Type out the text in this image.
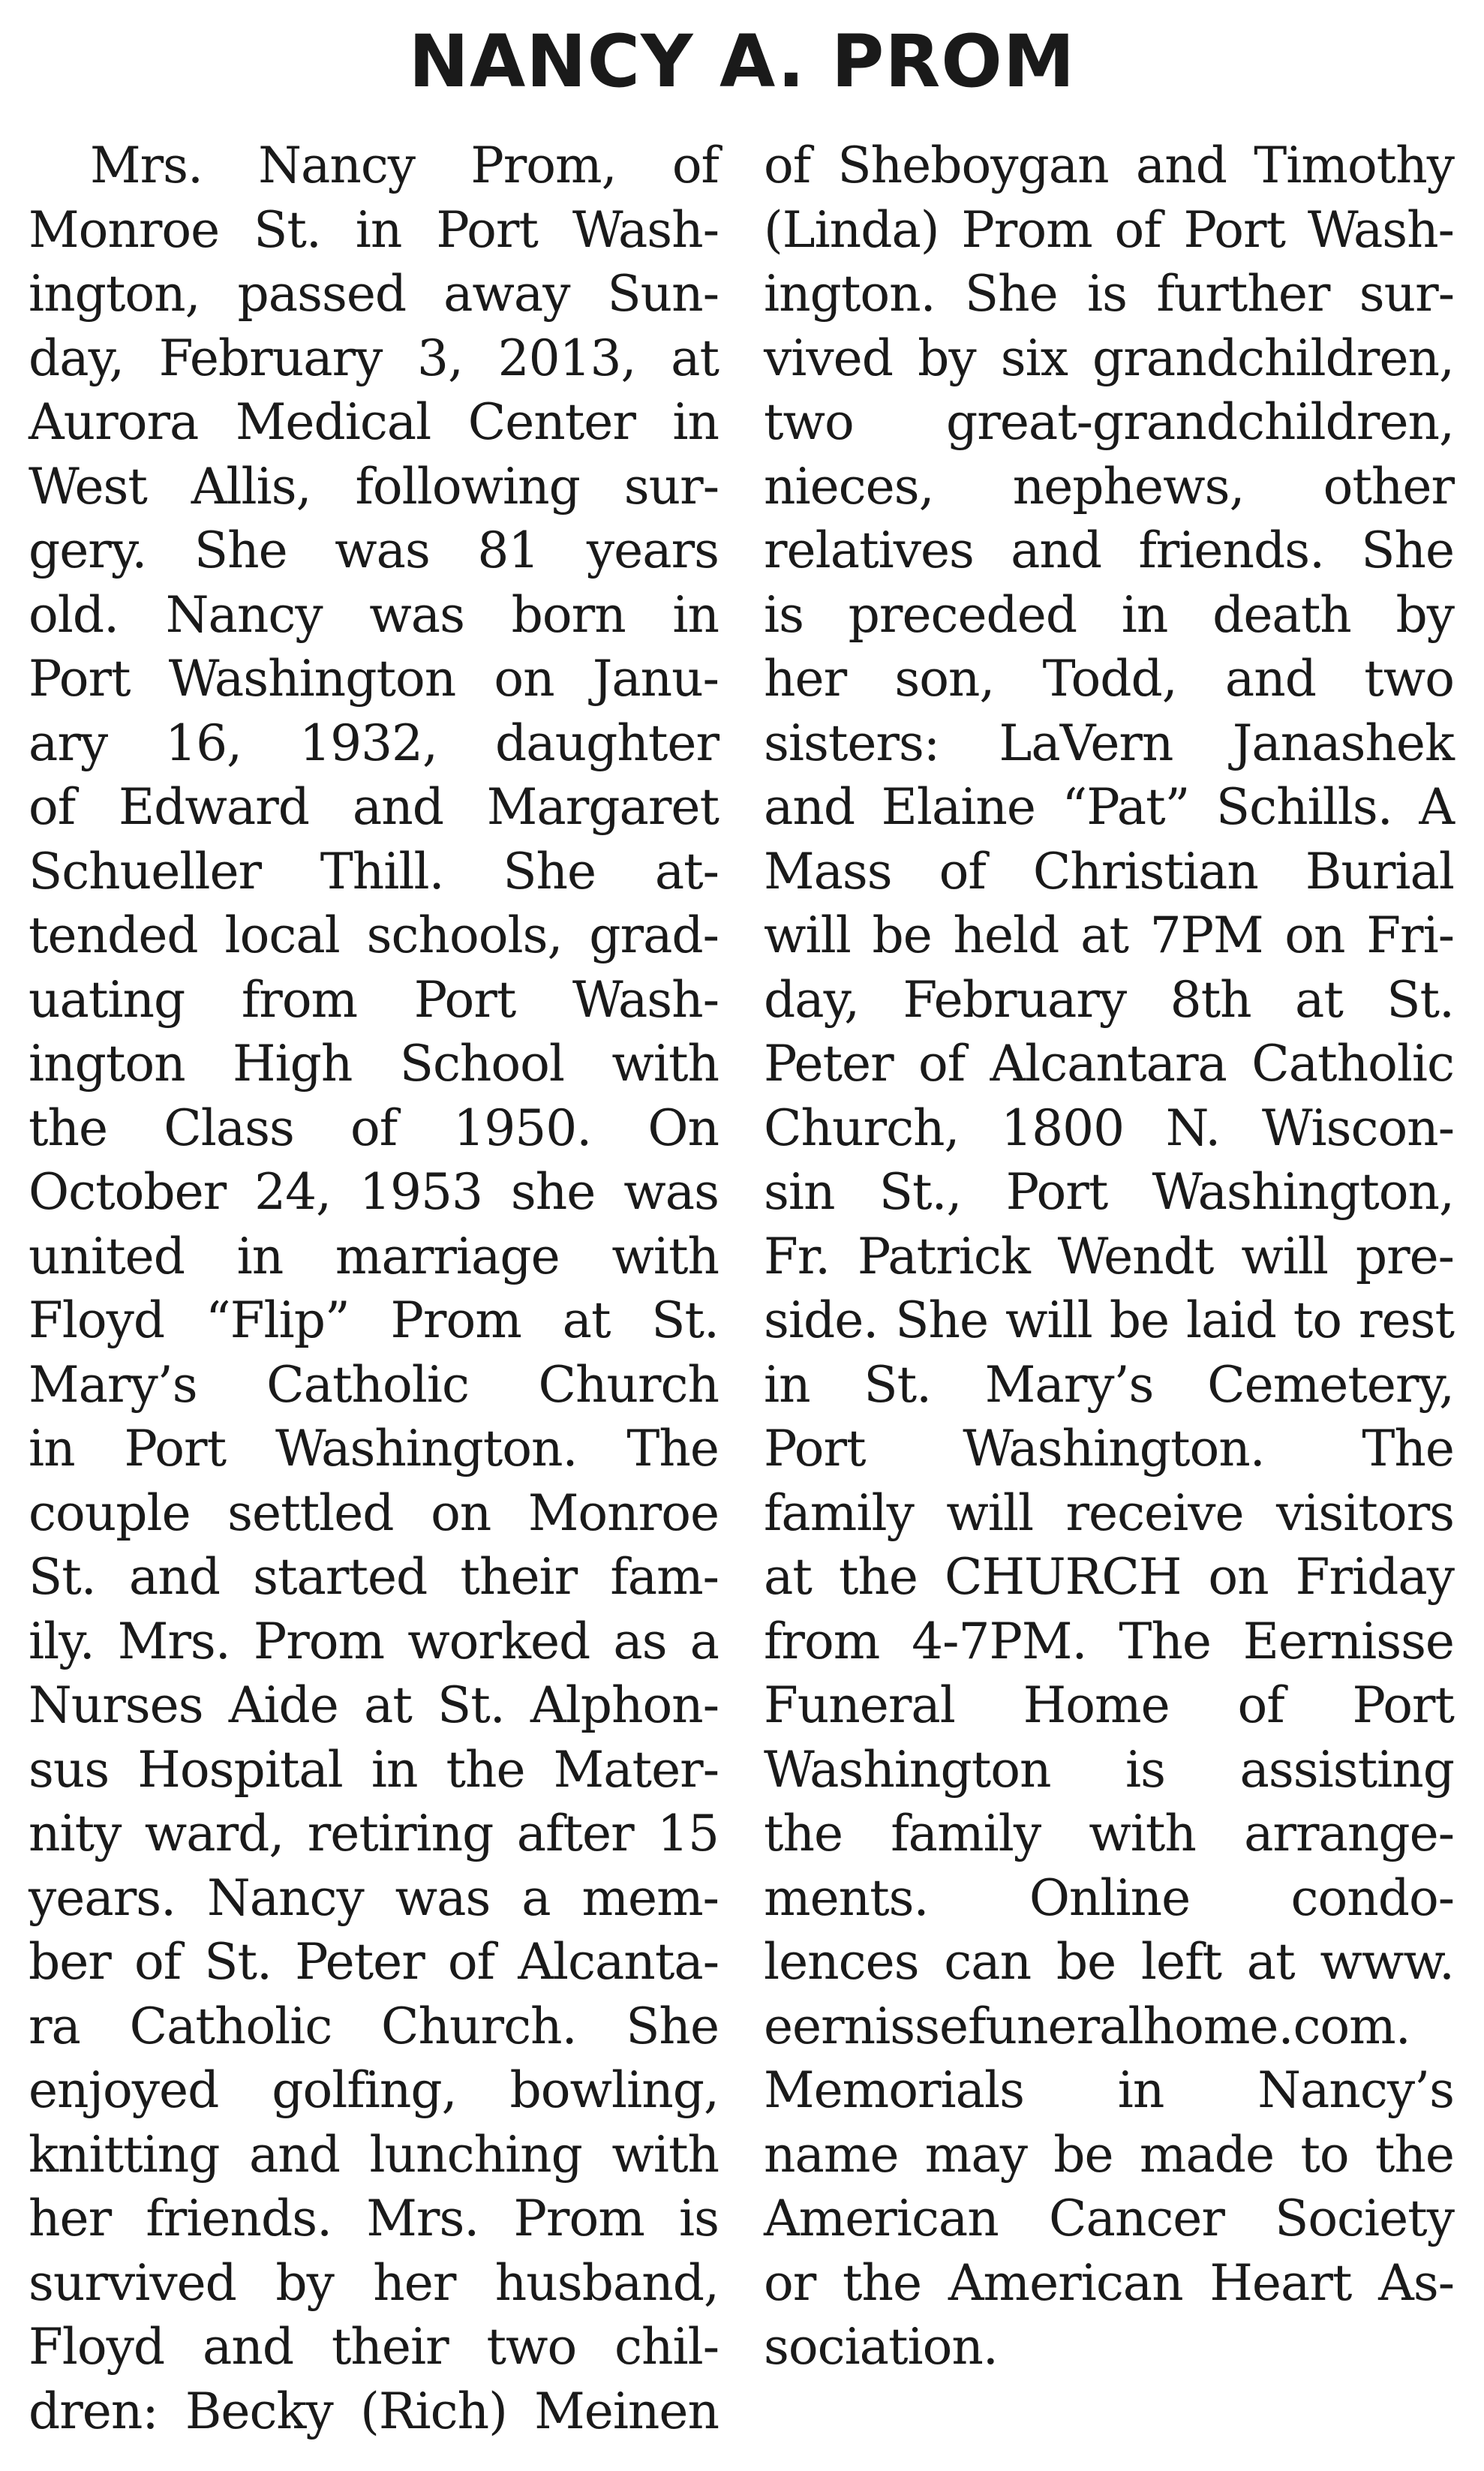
NANCY A. PROM
Mrs. Nancy Prom, of
Monroe St. in Port Wash-
ington, passed away Sun-
day, February 3, 2013, at
Aurora Medical Center in
West Allis, following sur-
gery. She was 81 years
old. Nancy was born in
Port Washington on Janu-
ary 16, 1932, daughter
of Edward and Margaret
Schueller Thill. She at-
tended local schools, grad-
uating from Port Wash-
ington High School with
the Class of 1950. On
October 24, 1953 she was
united in marriage with
Floyd “Flip” Prom at St.
Mary’s Catholic Church
in Port Washington. The
couple settled on Monroe
St. and started their fam-
ily. Mrs. Prom worked as a
Nurses Aide at St. Alphon-
sus Hospital in the Mater-
nity ward, retiring after 15
years. Nancy was a mem-
ber of St. Peter of Alcanta-
ra Catholic Church. She
enjoyed golfing, bowling,
knitting and lunching with
her friends. Mrs. Prom is
survived by her husband,
Floyd and their two chil-
dren: Becky (Rich) Meinen
of Sheboygan and Timothy
(Linda) Prom of Port Wash-
ington. She is further sur-
vived by six grandchildren,
two great-grandchildren,
nieces, nephews, other
relatives and friends. She
is preceded in death by
her son, Todd, and two
sisters: LaVern Janashek
and Elaine “Pat” Schills. A
Mass of Christian Burial
will be held at 7PM on Fri-
day, February 8th at St.
Peter of Alcantara Catholic
Church, 1800 N. Wiscon-
sin St., Port Washington,
Fr. Patrick Wendt will pre-
side. She will be laid to rest
in St. Mary’s Cemetery,
Port Washington. The
family will receive visitors
at the CHURCH on Friday
from 4-7PM. The Eernisse
Funeral Home of Port
Washington is assisting
the family with arrange-
ments. Online condo-
lences can be left at www.
eernissefuneralhome.com.
Memorials in Nancy’s
name may be made to the
American Cancer Society
or the American Heart As-
sociation.
